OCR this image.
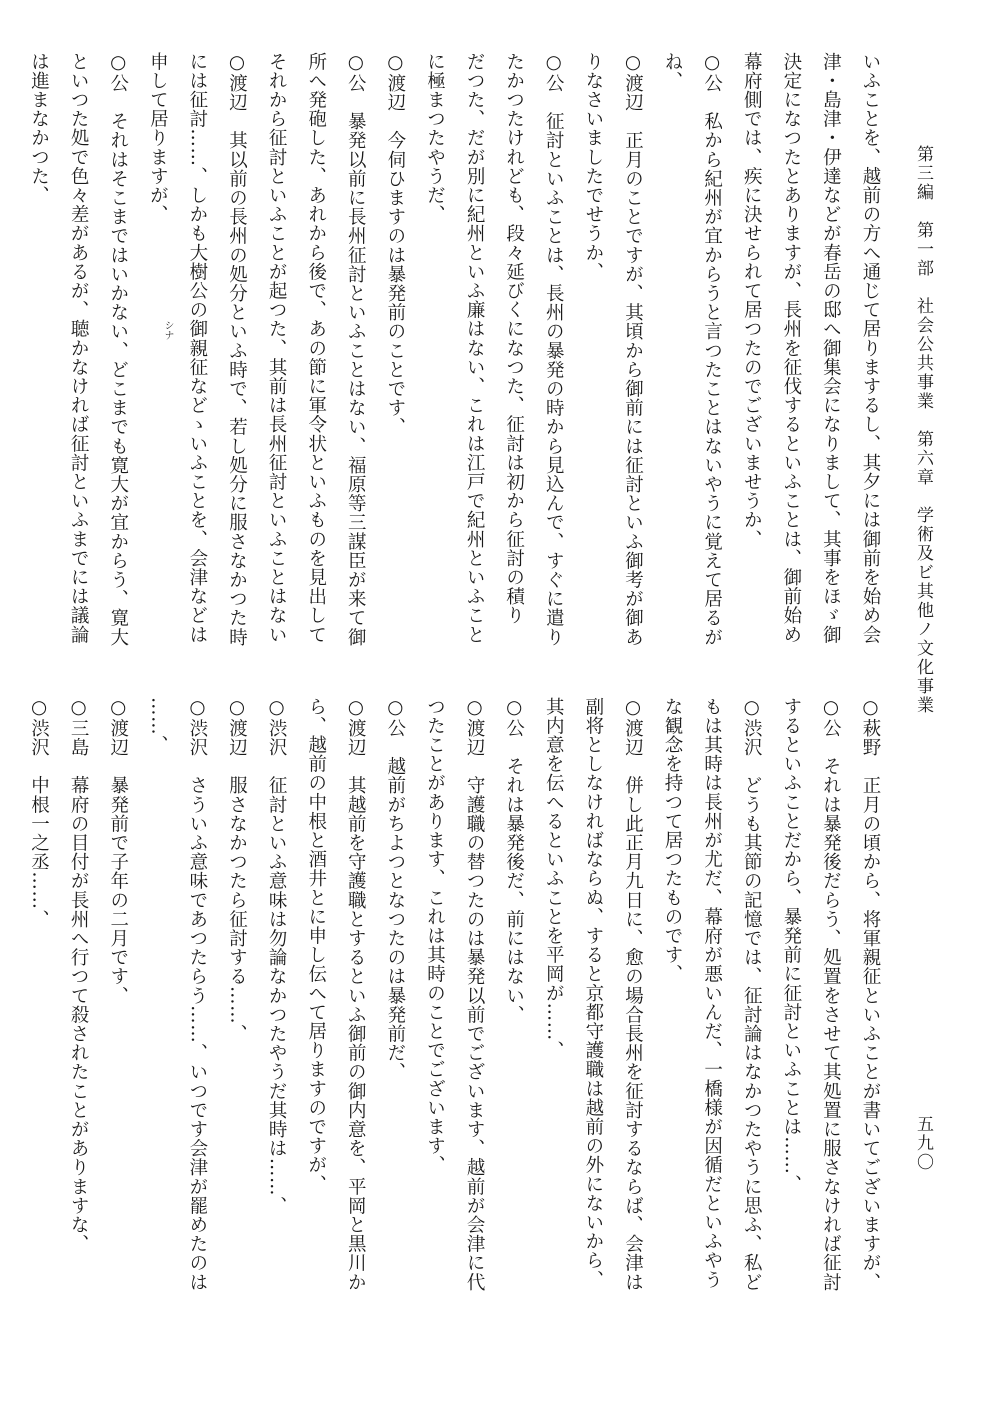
第三編　第一部　社会公共事業　第六章　学術及ビ其他ノ文化事業
五九〇
いふことを、越前の方へ通じて居りまするし、其夕には御前を始め会
津・島津・伊達などが春岳の邸へ御集会になりまして、其事をほゞ御
決定になつたとありますが、長州を征伐するといふことは、御前始め
幕府側では、疾に決せられて居つたのでございませうか、
○公　私から紀州が宜からうと言つたことはないやうに覚えて居るが
ね、
○渡辺　正月のことですが、其頃から御前には征討といふ御考が御あ
りなさいましたでせうか、
○公　征討といふことは、長州の暴発の時から見込んで、すぐに遣り
たかつたけれども、段々延びくになつた、征討は初から征討の積り
だつた、だが別に紀州といふ廉はない、これは江戸で紀州といふこと
に極まつたやうだ、
○渡辺　今伺ひますのは暴発前のことです、
○公　暴発以前に長州征討といふことはない、福原等三謀臣が来て御
所へ発砲した、あれから後で、あの節に軍令状といふものを見出して
それから征討といふことが起つた、其前は長州征討といふことはない
○渡辺　其以前の長州の処分といふ時で、若し処分に服さなかつた時
には征討……、しかも大樹公の御親征などゝいふことを、会津などは
申して居りますが、
○公　それはそこまではいかない、どこまでも寛大が宜からう、寛大
といつた処で色々差があるが、聴かなければ征討といふまでには議論
は進まなかつた、
シナ
○萩野　正月の頃から、将軍親征といふことが書いてございますが、
○公　それは暴発後だらう、処置をさせて其処置に服さなければ征討
するといふことだから、暴発前に征討といふことは……、
○渋沢　どうも其節の記憶では、征討論はなかつたやうに思ふ、私ど
もは其時は長州が尤だ、幕府が悪いんだ、一橋様が因循だといふやう
な観念を持つて居つたものです、
○渡辺　併し此正月九日に、愈の場合長州を征討するならば、会津は
副将としなければならぬ、すると京都守護職は越前の外にないから、
其内意を伝へるといふことを平岡が……、
○公　それは暴発後だ、前にはない、
○渡辺　守護職の替つたのは暴発以前でございます、越前が会津に代
つたことがあります、これは其時のことでございます、
○公　越前がちよつとなつたのは暴発前だ、
○渡辺　其越前を守護職とするといふ御前の御内意を、平岡と黒川か
ら、越前の中根と酒井とに申し伝へて居りますのですが、
○渋沢　征討といふ意味は勿論なかつたやうだ其時は……、
○渡辺　服さなかつたら征討する……、
○渋沢　さういふ意味であつたらう……、いつです会津が罷めたのは
……、
○渡辺　暴発前で子年の二月です、
○三島　幕府の目付が長州へ行つて殺されたことがありますな、
○渋沢　中根一之丞……、
